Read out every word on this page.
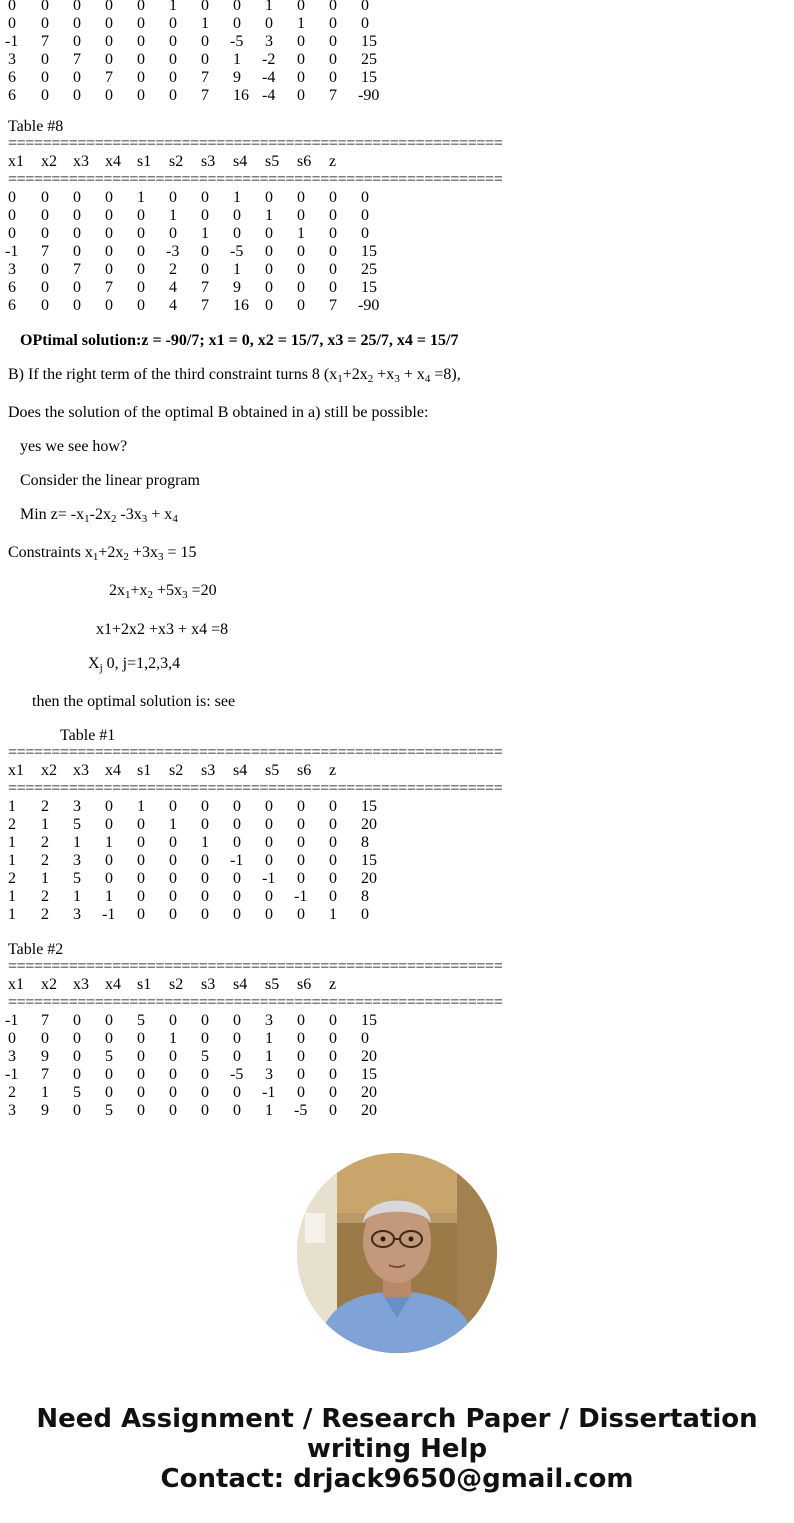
0 0 0 0 0 1 0 0 1 0 0 0
0 0 0 0 0 0 1 0 0 1 0 0
-1 7 0 0 0 0 0 -5 3 0 0 15
3 0 7 0 0 0 0 1 -2 0 0 25
6 0 0 7 0 0 7 9 -4 0 0 15
6 0 0 0 0 0 7 16 -4 0 7 -90
Table #8
=========================================================
x1 x2 x3 x4 s1 s2 s3 s4 s5 s6 z
=========================================================
0 0 0 0 1 0 0 1 0 0 0 0
0 0 0 0 0 1 0 0 1 0 0 0
0 0 0 0 0 0 1 0 0 1 0 0
-1 7 0 0 0 -3 0 -5 0 0 0 15
3 0 7 0 0 2 0 1 0 0 0 25
6 0 0 7 0 4 7 9 0 0 0 15
6 0 0 0 0 4 7 16 0 0 7 -90
OPtimal solution:z = -90/7; x1 = 0, x2 = 15/7, x3 = 25/7, x4 = 15/7
B) If the right term of the third constraint turns 8 $(x_1+2x_2 +x_3 + x_4 =8)$,
Does the solution of the optimal B obtained in a) still be possible:
yes we see how?
Consider the linear program
Min $z= -x_1-2x_2$ $-3x_3 + x_4$
Constraints $x_1+2x_2 +3x_3 = 15$
$2x_1+x_2 +5x_3 =20$
x1+2x2 +x3 + x4 =8
$X_j$ 0, j=1,2,3,4
then the optimal solution is: see
Table #1
=========================================================
x1 x2 x3 x4 s1 s2 s3 s4 s5 s6 z
=========================================================
1 2 3 0 1 0 0 0 0 0 0 15
2 1 5 0 0 1 0 0 0 0 0 20
1 2 1 1 0 0 1 0 0 0 0 8
1 2 3 0 0 0 0 -1 0 0 0 15
2 1 5 0 0 0 0 0 -1 0 0 20
1 2 1 1 0 0 0 0 0 -1 0 8
1 2 3 -1 0 0 0 0 0 0 1 0
Table #2
=========================================================
x1 x2 x3 x4 s1 s2 s3 s4 s5 s6 z
=========================================================
-1 7 0 0 5 0 0 0 3 0 0 15
0 0 0 0 0 1 0 0 1 0 0 0
3 9 0 5 0 0 5 0 1 0 0 20
-1 7 0 0 0 0 0 -5 3 0 0 15
2 1 5 0 0 0 0 0 -1 0 0 20
3 9 0 5 0 0 0 0 1 -5 0 20
Need Assignment / Research Paper / Dissertation
writing Help
Contact: drjack9650@gmail.com
